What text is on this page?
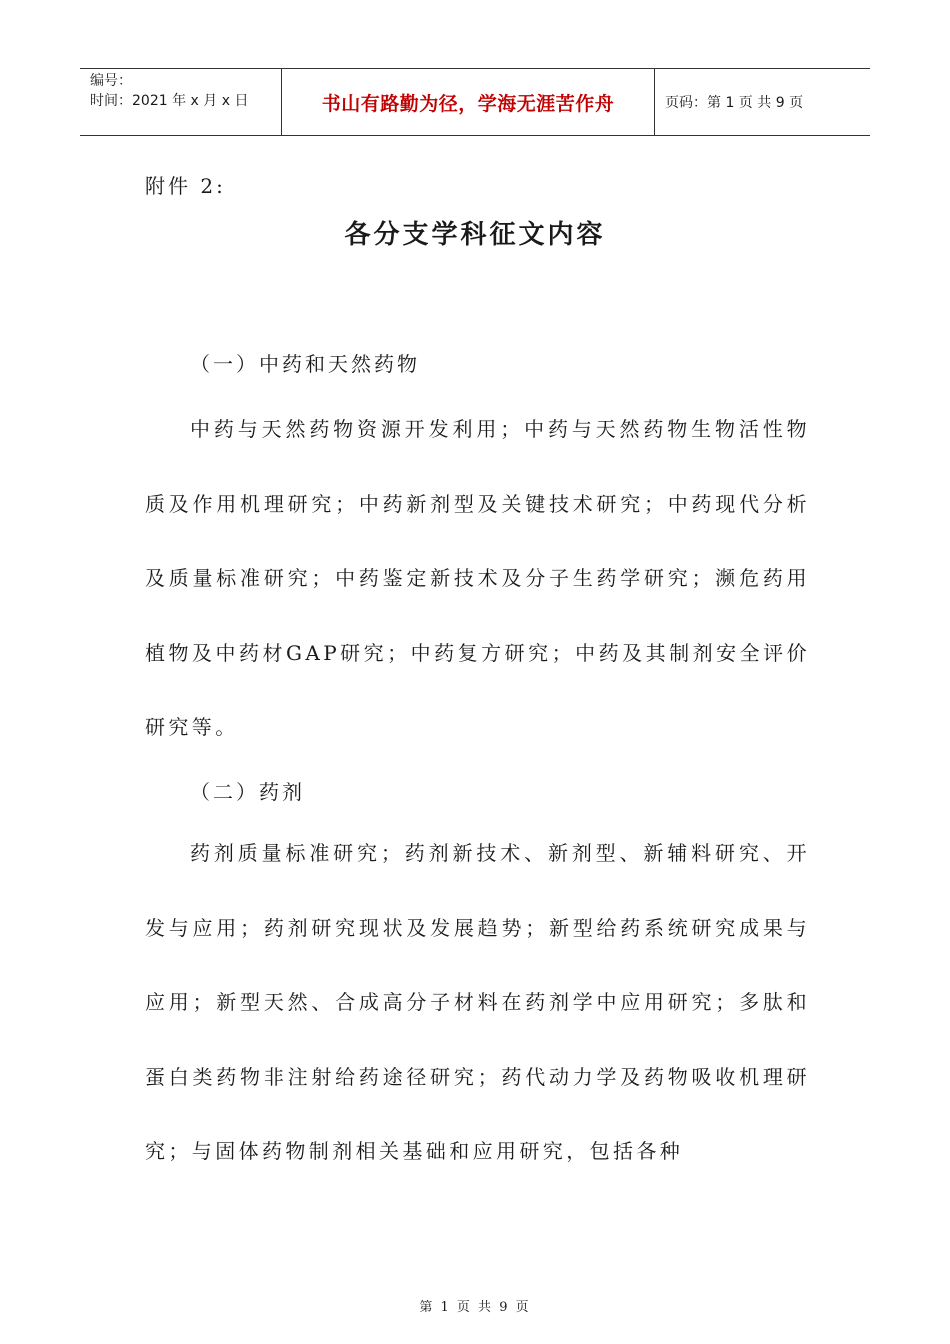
编号：
时间：2021 年 x 月 x 日	书山有路勤为径，学海无涯苦作舟	页码：第 1 页 共 9 页
附件 2:
各分支学科征文内容
（一）中药和天然药物
中药与天然药物资源开发利用；中药与天然药物生物活性物质及作用机理研究；中药新剂型及关键技术研究；中药现代分析及质量标准研究；中药鉴定新技术及分子生药学研究；濒危药用植物及中药材GAP研究；中药复方研究；中药及其制剂安全评价研究等。
（二）药剂
药剂质量标准研究；药剂新技术、新剂型、新辅料研究、开发与应用；药剂研究现状及发展趋势；新型给药系统研究成果与应用；新型天然、合成高分子材料在药剂学中应用研究；多肽和蛋白类药物非注射给药途径研究；药代动力学及药物吸收机理研究；与固体药物制剂相关基础和应用研究，包括各种
第 1 页 共 9 页
